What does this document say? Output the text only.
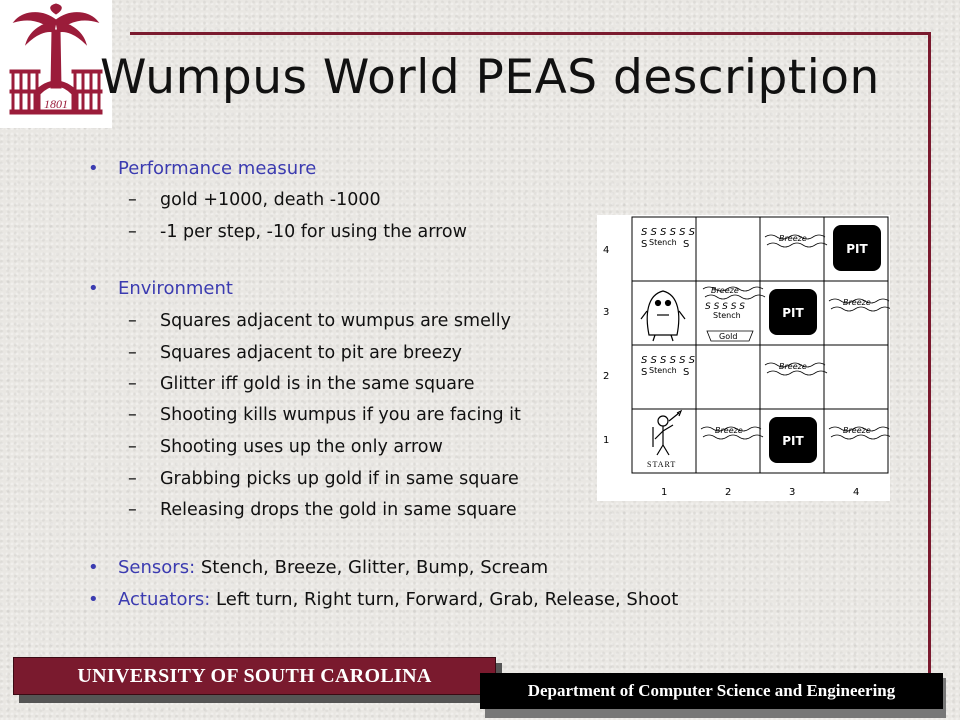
1801 Wumpus World PEAS description
• Performance measure
– gold +1000, death -1000
– -1 per step, -10 for using the arrow
• Environment
– Squares adjacent to wumpus are smelly
– Squares adjacent to pit are breezy
– Glitter iff gold is in the same square
– Shooting kills wumpus if you are facing it
– Shooting uses up the only arrow
– Grabbing picks up gold if in same square
– Releasing drops the gold in same square
• Sensors: Stench, Breeze, Glitter, Bump, Scream
• Actuators: Left turn, Right turn, Forward, Grab, Release, Shoot
4
3
2
1
1	2	3	4
PIT
PIT
PIT
S S S S S S
Stench
S	S
S S S S S S
Stench
S	S
Breeze
S S S S S
Stench
Gold
Breeze
Breeze
Breeze
Breeze	Breeze
START
UNIVERSITY OF SOUTH CAROLINA
Department of Computer Science and Engineering
